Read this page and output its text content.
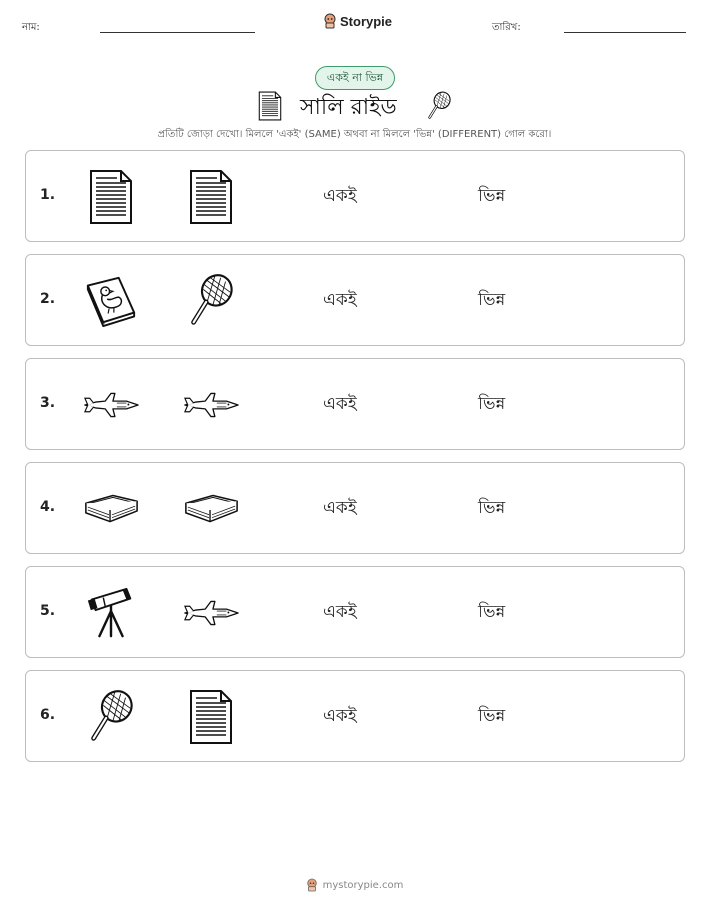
নাম:	Storypie	তারিখ:
একই না ভিন্ন
সালি রাইড
প্রতিটি জোড়া দেখো। মিললে 'একই' (SAME) অথবা না মিললে 'ভিন্ন' (DIFFERENT) গোল করো।
1.	একই	ভিন্ন
2.	একই	ভিন্ন
3.	একই	ভিন্ন
4.	একই	ভিন্ন
5.	একই	ভিন্ন
6.	একই	ভিন্ন
mystorypie.com
